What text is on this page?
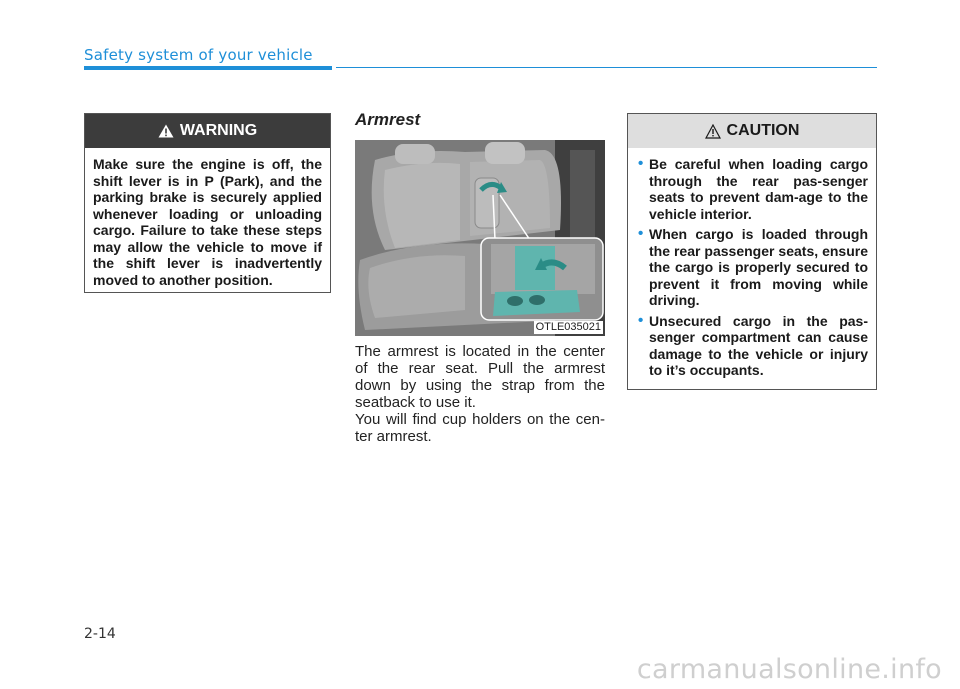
Safety system of your vehicle
WARNING
Make sure the engine is off, the shift lever is in P (Park), and the parking brake is securely applied whenever loading or unloading cargo. Failure to take these steps may allow the vehicle to move if the shift lever is inadvertently moved to another position.
Armrest
OTLE035021

The armrest is located in the center of the rear seat. Pull the armrest down by using the strap from the seatback to use it.

You will find cup holders on the cen-ter armrest.

CAUTION
• Be careful when loading cargo through the rear pas-senger seats to prevent dam-age to the vehicle interior.
• When cargo is loaded through the rear passenger seats, ensure the cargo is properly secured to prevent it from moving while driving.
• Unsecured cargo in the pas-senger compartment can cause damage to the vehicle or injury to it’s occupants.
2-14
carmanualsonline.info
